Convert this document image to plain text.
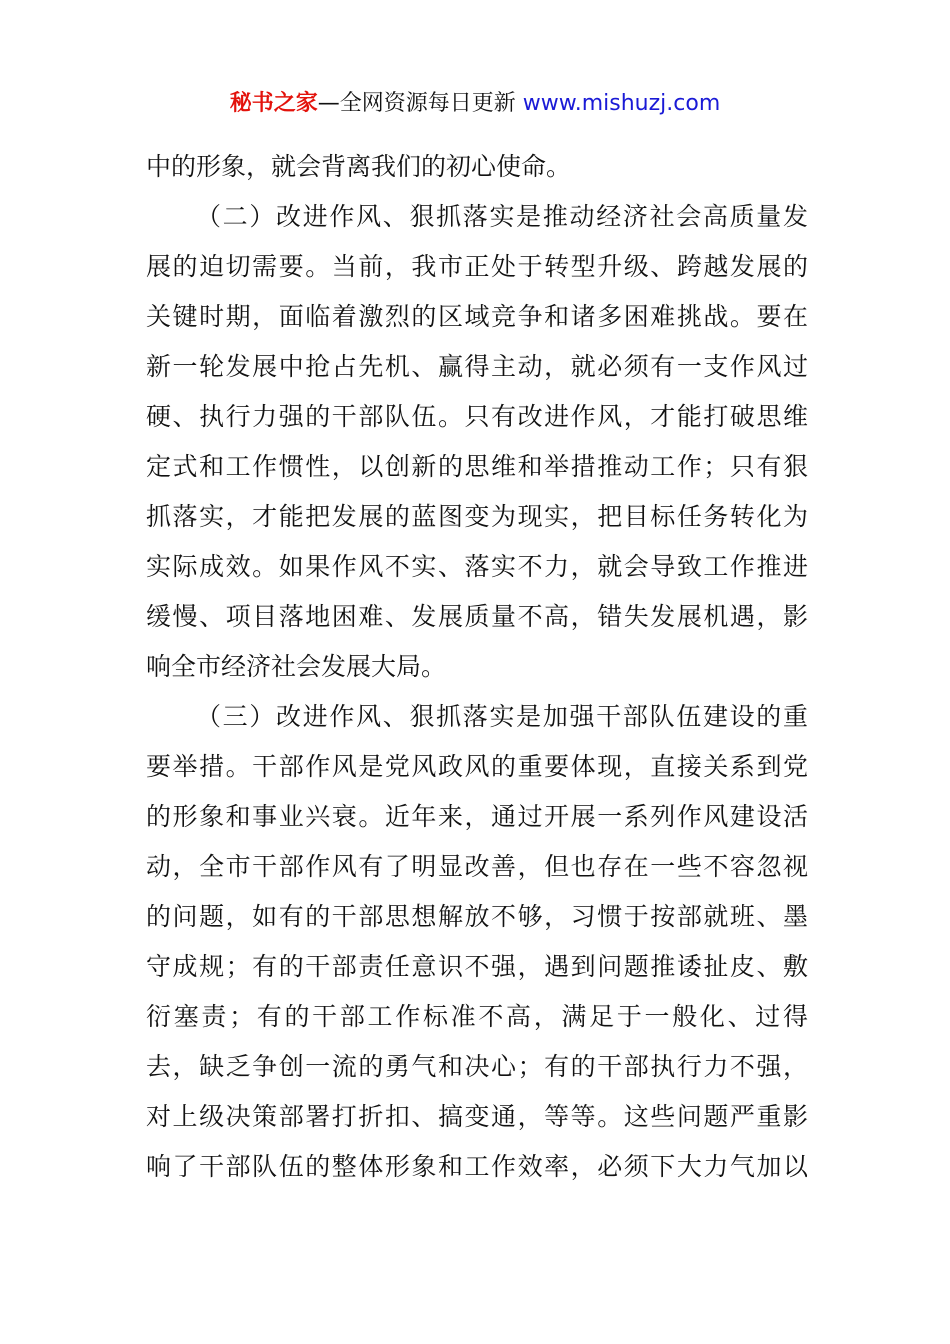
秘书之家—全网资源每日更新 www.mishuzj.com
中的形象，就会背离我们的初心使命。
（二）改进作风、狠抓落实是推动经济社会高质量发
展的迫切需要。当前，我市正处于转型升级、跨越发展的
关键时期，面临着激烈的区域竞争和诸多困难挑战。要在
新一轮发展中抢占先机、赢得主动，就必须有一支作风过
硬、执行力强的干部队伍。只有改进作风，才能打破思维
定式和工作惯性，以创新的思维和举措推动工作；只有狠
抓落实，才能把发展的蓝图变为现实，把目标任务转化为
实际成效。如果作风不实、落实不力，就会导致工作推进
缓慢、项目落地困难、发展质量不高，错失发展机遇，影
响全市经济社会发展大局。
（三）改进作风、狠抓落实是加强干部队伍建设的重
要举措。干部作风是党风政风的重要体现，直接关系到党
的形象和事业兴衰。近年来，通过开展一系列作风建设活
动，全市干部作风有了明显改善，但也存在一些不容忽视
的问题，如有的干部思想解放不够，习惯于按部就班、墨
守成规；有的干部责任意识不强，遇到问题推诿扯皮、敷
衍塞责；有的干部工作标准不高，满足于一般化、过得
去，缺乏争创一流的勇气和决心；有的干部执行力不强，
对上级决策部署打折扣、搞变通，等等。这些问题严重影
响了干部队伍的整体形象和工作效率，必须下大力气加以
